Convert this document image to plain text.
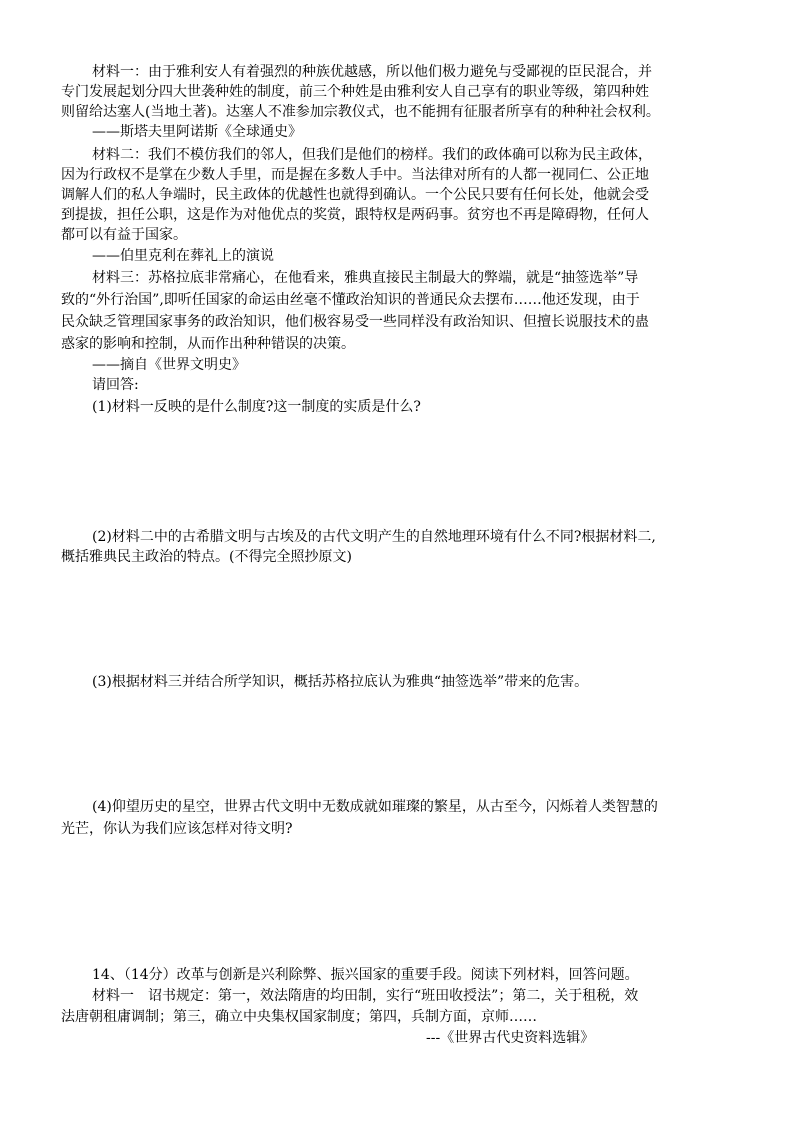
材料一：由于雅利安人有着强烈的种族优越感，所以他们极力避免与受鄙视的臣民混合，并
专门发展起划分四大世袭种姓的制度，前三个种姓是由雅利安人自己享有的职业等级，第四种姓
则留给达塞人(当地土著)。达塞人不准参加宗教仪式，也不能拥有征服者所享有的种种社会权利。
——斯塔夫里阿诺斯《全球通史》
材料二：我们不模仿我们的邻人，但我们是他们的榜样。我们的政体确可以称为民主政体，
因为行政权不是掌在少数人手里，而是握在多数人手中。当法律对所有的人都一视同仁、公正地
调解人们的私人争端时，民主政体的优越性也就得到确认。一个公民只要有任何长处，他就会受
到提拔，担任公职，这是作为对他优点的奖赏，跟特权是两码事。贫穷也不再是障碍物，任何人
都可以有益于国家。
——伯里克利在葬礼上的演说
材料三：苏格拉底非常痛心，在他看来，雅典直接民主制最大的弊端，就是“抽签选举”导
致的“外行治国”,即听任国家的命运由丝毫不懂政治知识的普通民众去摆布……他还发现，由于
民众缺乏管理国家事务的政治知识，他们极容易受一些同样没有政治知识、但擅长说服技术的蛊
惑家的影响和控制，从而作出种种错误的决策。
——摘自《世界文明史》
请回答:
(1)材料一反映的是什么制度?这一制度的实质是什么?
(2)材料二中的古希腊文明与古埃及的古代文明产生的自然地理环境有什么不同?根据材料二,
概括雅典民主政治的特点。(不得完全照抄原文)
(3)根据材料三并结合所学知识，概括苏格拉底认为雅典“抽签选举”带来的危害。
(4)仰望历史的星空，世界古代文明中无数成就如璀璨的繁星，从古至今，闪烁着人类智慧的
光芒，你认为我们应该怎样对待文明?
14、（14分）改革与创新是兴利除弊、振兴国家的重要手段。阅读下列材料，回答问题。
材料一　诏书规定：第一，效法隋唐的均田制，实行“班田收授法”；第二，关于租税，效
法唐朝租庸调制；第三，确立中央集权国家制度；第四，兵制方面，京师……
---《世界古代史资料选辑》
